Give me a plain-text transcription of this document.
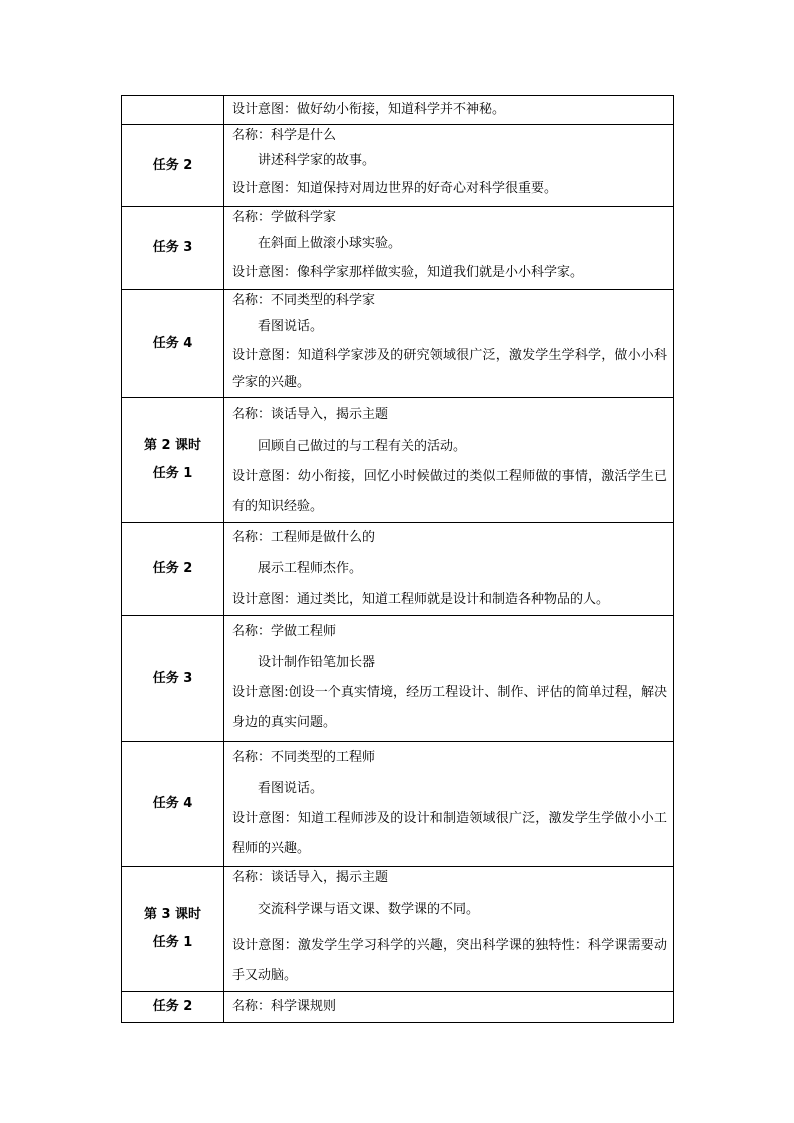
	设计意图：做好幼小衔接，知道科学并不神秘。

任务 2	名称：科学是什么
讲述科学家的故事。
设计意图：知道保持对周边世界的好奇心对科学很重要。

任务 3	名称：学做科学家
在斜面上做滚小球实验。
设计意图：像科学家那样做实验，知道我们就是小小科学家。

任务 4	名称：不同类型的科学家
看图说话。
设计意图：知道科学家涉及的研究领域很广泛，激发学生学科学，做小小科学家的兴趣。

第 2 课时
任务 1	名称：谈话导入，揭示主题
回顾自己做过的与工程有关的活动。
设计意图：幼小衔接，回忆小时候做过的类似工程师做的事情，激活学生已有的知识经验。

任务 2	名称：工程师是做什么的
展示工程师杰作。
设计意图：通过类比，知道工程师就是设计和制造各种物品的人。

任务 3	名称：学做工程师
设计制作铅笔加长器
设计意图:创设一个真实情境，经历工程设计、制作、评估的简单过程，解决身边的真实问题。

任务 4	名称：不同类型的工程师
看图说话。
设计意图：知道工程师涉及的设计和制造领域很广泛，激发学生学做小小工程师的兴趣。

第 3 课时
任务 1	名称：谈话导入，揭示主题
交流科学课与语文课、数学课的不同。
设计意图：激发学生学习科学的兴趣，突出科学课的独特性：科学课需要动手又动脑。

任务 2	名称：科学课规则
